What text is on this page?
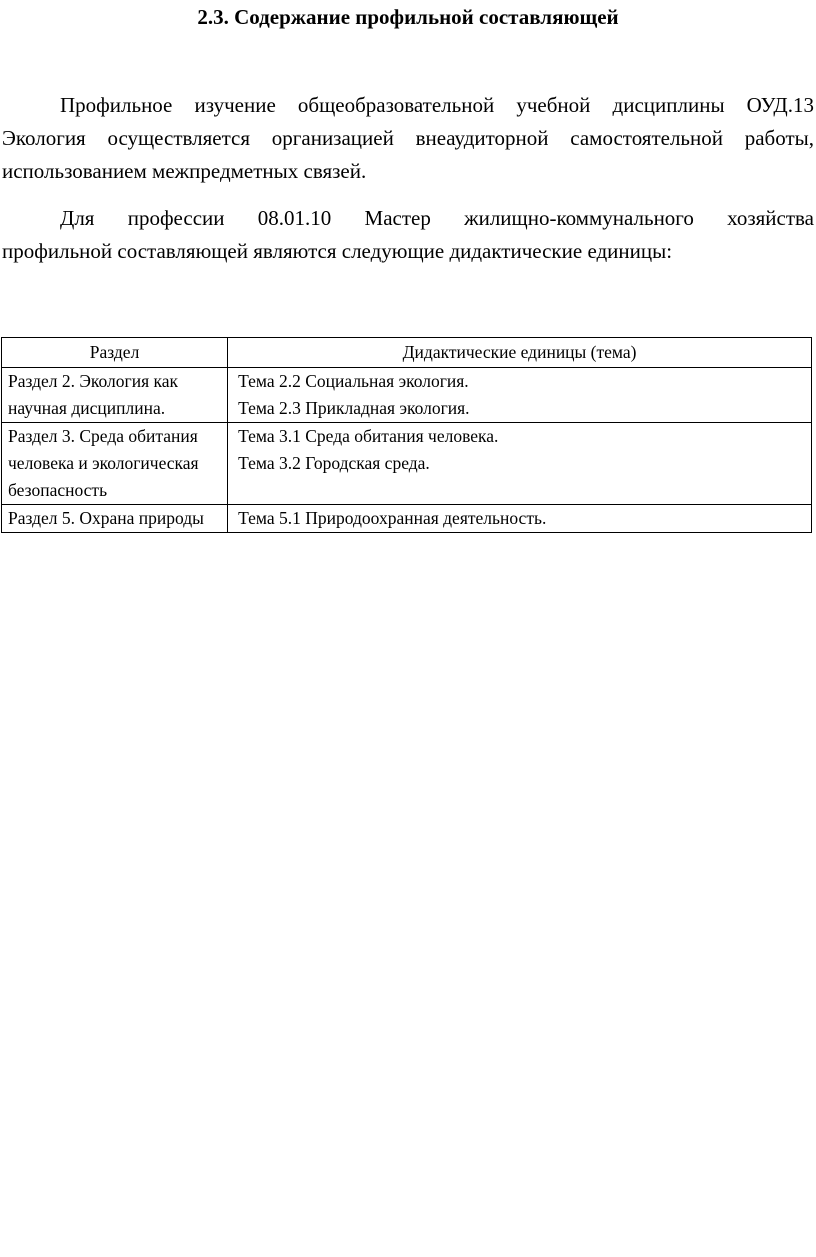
2.3. Содержание профильной составляющей
Профильное изучение общеобразовательной учебной дисциплины ОУД.13 Экология осуществляется организацией внеаудиторной самостоятельной работы, использованием межпредметных связей.
Для профессии 08.01.10 Мастер жилищно-коммунального хозяйства
профильной составляющей являются следующие дидактические единицы:
Раздел	Дидактические единицы (тема)
Раздел 2. Экология как научная дисциплина.	Тема 2.2 Социальная экология.
Тема 2.3 Прикладная экология.

Раздел 3. Среда обитания человека и экологическая безопасность	Тема 3.1 Среда обитания человека.
Тема 3.2 Городская среда.

Раздел 5. Охрана природы	Тема 5.1 Природоохранная деятельность.
